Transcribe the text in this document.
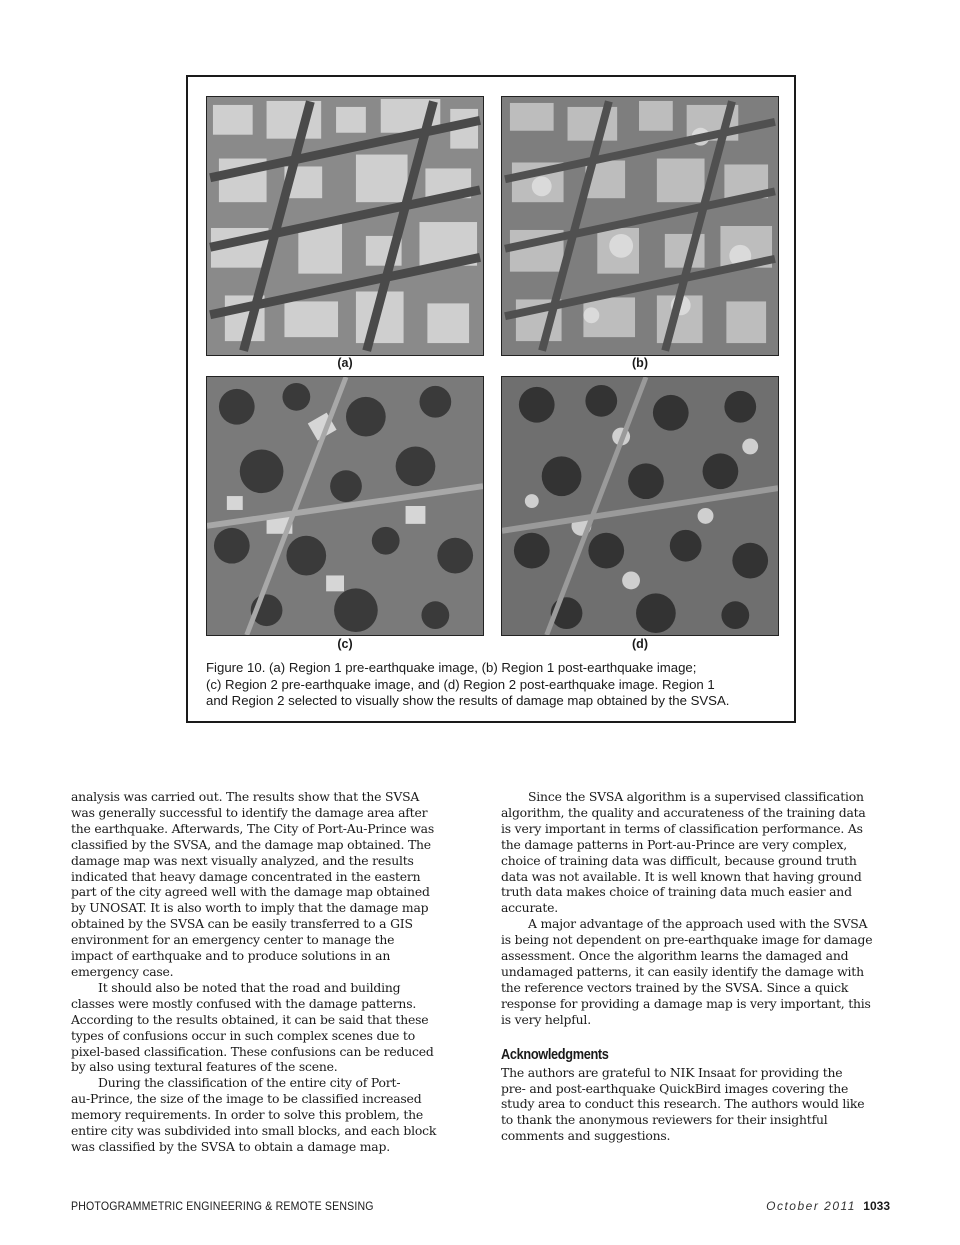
(a)	(b)
(c)	(d)

Figure 10. (a) Region 1 pre-earthquake image, (b) Region 1 post-earthquake image;

(c) Region 2 pre-earthquake image, and (d) Region 2 post-earthquake image. Region 1

and Region 2 selected to visually show the results of damage map obtained by the SVSA.

analysis was carried out. The results show that the SVSA
was generally successful to identify the damage area after
the earthquake. Afterwards, The City of Port-Au-Prince was
classified by the SVSA, and the damage map obtained. The
damage map was next visually analyzed, and the results
indicated that heavy damage concentrated in the eastern
part of the city agreed well with the damage map obtained
by UNOSAT. It is also worth to imply that the damage map
obtained by the SVSA can be easily transferred to a GIS
environment for an emergency center to manage the
impact of earthquake and to produce solutions in an
emergency case.

It should also be noted that the road and building
classes were mostly confused with the damage patterns.
According to the results obtained, it can be said that these
types of confusions occur in such complex scenes due to
pixel-based classification. These confusions can be reduced
by also using textural features of the scene.

During the classification of the entire city of Port-
au-Prince, the size of the image to be classified increased
memory requirements. In order to solve this problem, the
entire city was subdivided into small blocks, and each block
was classified by the SVSA to obtain a damage map.

Since the SVSA algorithm is a supervised classification
algorithm, the quality and accurateness of the training data
is very important in terms of classification performance. As
the damage patterns in Port-au-Prince are very complex,
choice of training data was difficult, because ground truth
data was not available. It is well known that having ground
truth data makes choice of training data much easier and
accurate.

A major advantage of the approach used with the SVSA
is being not dependent on pre-earthquake image for damage
assessment. Once the algorithm learns the damaged and
undamaged patterns, it can easily identify the damage with
the reference vectors trained by the SVSA. Since a quick
response for providing a damage map is very important, this
is very helpful.

Acknowledgments

The authors are grateful to NIK Insaat for providing the
pre- and post-earthquake QuickBird images covering the
study area to conduct this research. The authors would like
to thank the anonymous reviewers for their insightful
comments and suggestions.

PHOTOGRAMMETRIC ENGINEERING & REMOTE SENSING	October 2011 1033
